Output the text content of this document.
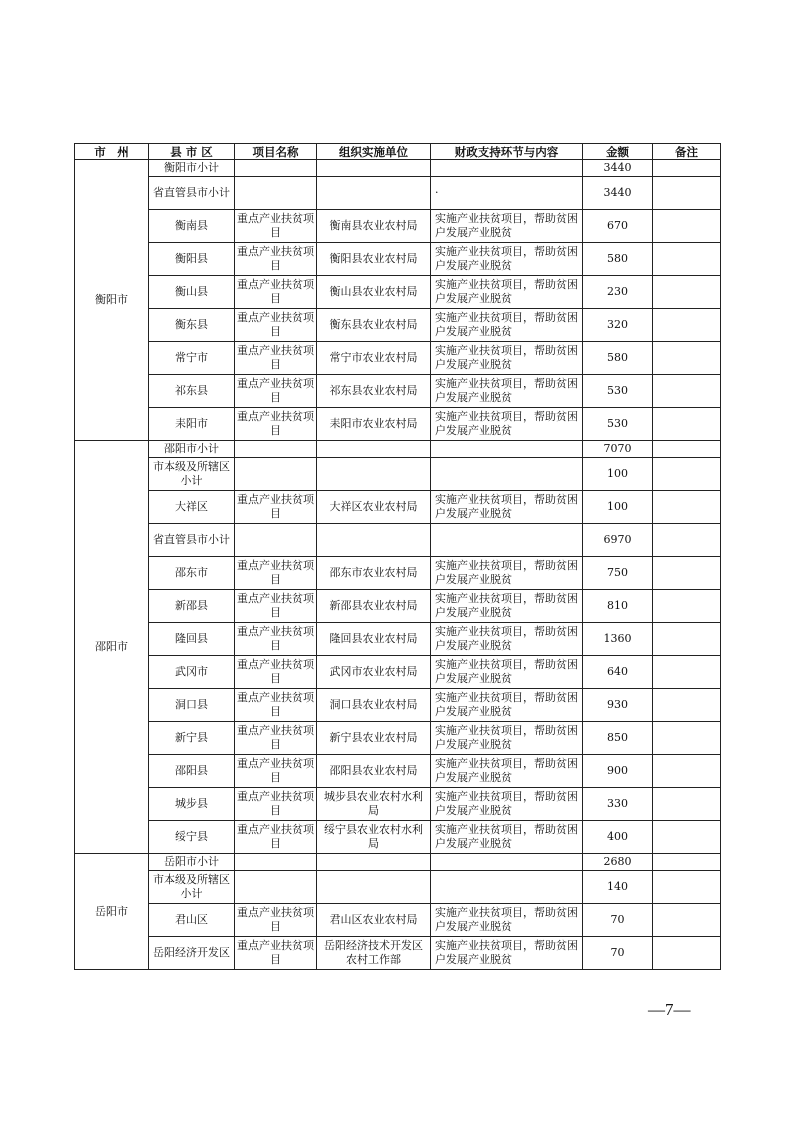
市　州	县 市 区	项目名称	组织实施单位	财政支持环节与内容	金额	备注
衡阳市	衡阳市小计				3440	
	省直管县市小计			·	3440	
	衡南县	重点产业扶贫项目	衡南县农业农村局	实施产业扶贫项目，帮助贫困户发展产业脱贫	670	
	衡阳县	重点产业扶贫项目	衡阳县农业农村局	实施产业扶贫项目，帮助贫困户发展产业脱贫	580	
	衡山县	重点产业扶贫项目	衡山县农业农村局	实施产业扶贫项目，帮助贫困户发展产业脱贫	230	
	衡东县	重点产业扶贫项目	衡东县农业农村局	实施产业扶贫项目，帮助贫困户发展产业脱贫	320	
	常宁市	重点产业扶贫项目	常宁市农业农村局	实施产业扶贫项目，帮助贫困户发展产业脱贫	580	
	祁东县	重点产业扶贫项目	祁东县农业农村局	实施产业扶贫项目，帮助贫困户发展产业脱贫	530	
	耒阳市	重点产业扶贫项目	耒阳市农业农村局	实施产业扶贫项目，帮助贫困户发展产业脱贫	530	
邵阳市	邵阳市小计				7070	
	市本级及所辖区小计				100	
	大祥区	重点产业扶贫项目	大祥区农业农村局	实施产业扶贫项目，帮助贫困户发展产业脱贫	100	
	省直管县市小计				6970	
	邵东市	重点产业扶贫项目	邵东市农业农村局	实施产业扶贫项目，帮助贫困户发展产业脱贫	750	
	新邵县	重点产业扶贫项目	新邵县农业农村局	实施产业扶贫项目，帮助贫困户发展产业脱贫	810	
	隆回县	重点产业扶贫项目	隆回县农业农村局	实施产业扶贫项目，帮助贫困户发展产业脱贫	1360	
	武冈市	重点产业扶贫项目	武冈市农业农村局	实施产业扶贫项目，帮助贫困户发展产业脱贫	640	
	洞口县	重点产业扶贫项目	洞口县农业农村局	实施产业扶贫项目，帮助贫困户发展产业脱贫	930	
	新宁县	重点产业扶贫项目	新宁县农业农村局	实施产业扶贫项目，帮助贫困户发展产业脱贫	850	
	邵阳县	重点产业扶贫项目	邵阳县农业农村局	实施产业扶贫项目，帮助贫困户发展产业脱贫	900	
	城步县	重点产业扶贫项目	城步县农业农村水利局	实施产业扶贫项目，帮助贫困户发展产业脱贫	330	
	绥宁县	重点产业扶贫项目	绥宁县农业农村水利局	实施产业扶贫项目，帮助贫困户发展产业脱贫	400	
岳阳市	岳阳市小计				2680	
	市本级及所辖区小计				140	
	君山区	重点产业扶贫项目	君山区农业农村局	实施产业扶贫项目，帮助贫困户发展产业脱贫	70	
	岳阳经济开发区	重点产业扶贫项目	岳阳经济技术开发区农村工作部	实施产业扶贫项目，帮助贫困户发展产业脱贫	70	
—7—
